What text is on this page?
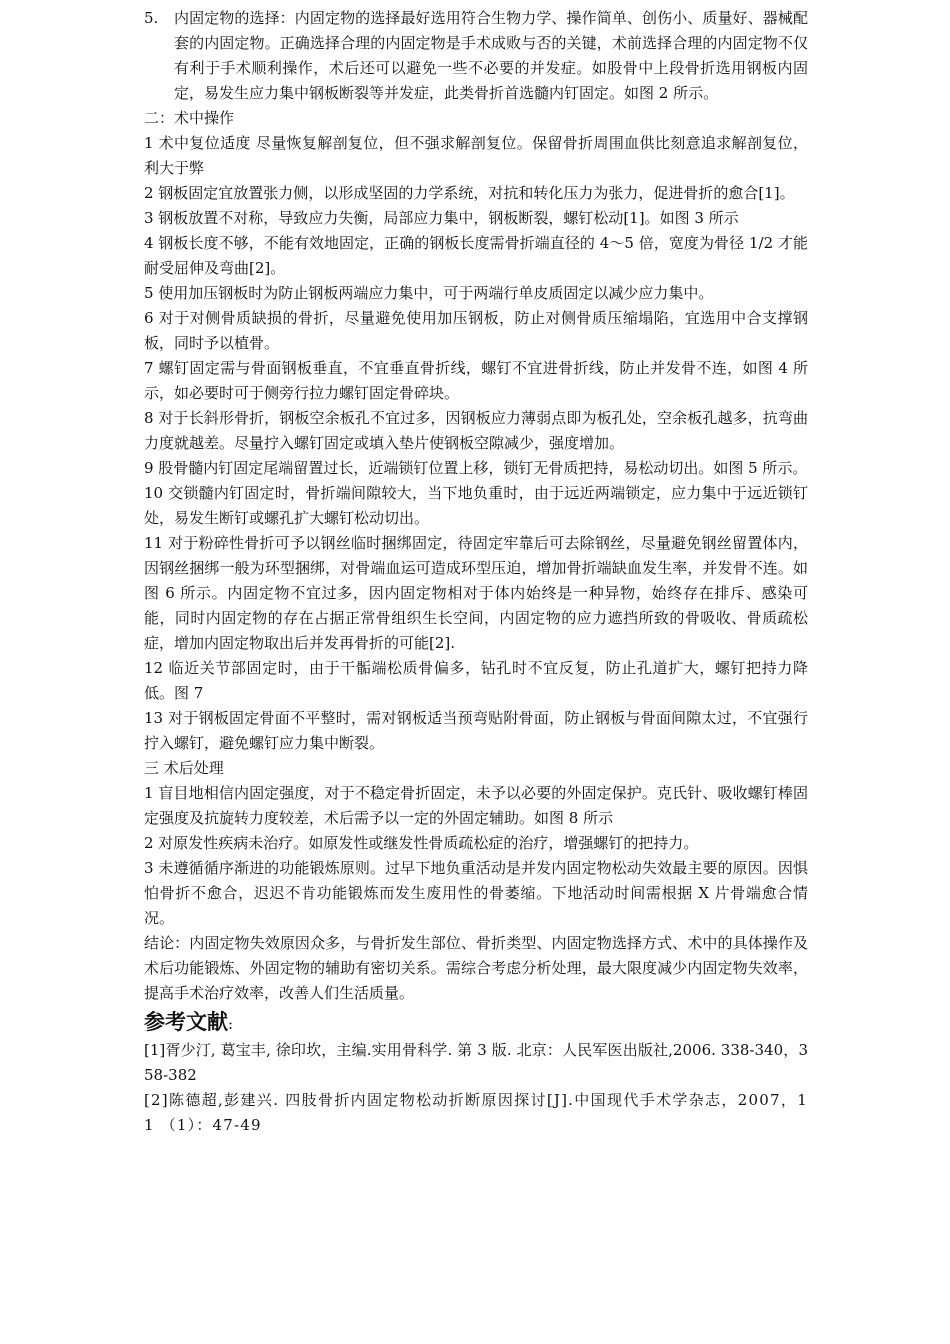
5. 内固定物的选择：内固定物的选择最好选用符合生物力学、操作简单、创伤小、质量好、器械配套的内固定物。正确选择合理的内固定物是手术成败与否的关键，术前选择合理的内固定物不仅有利于手术顺利操作，术后还可以避免一些不必要的并发症。如股骨中上段骨折选用钢板内固定，易发生应力集中钢板断裂等并发症，此类骨折首选髓内钉固定。如图 2 所示。

二：术中操作

1 术中复位适度 尽量恢复解剖复位，但不强求解剖复位。保留骨折周围血供比刻意追求解剖复位，利大于弊

2 钢板固定宜放置张力侧，以形成坚固的力学系统，对抗和转化压力为张力，促进骨折的愈合[1]。

3 钢板放置不对称，导致应力失衡，局部应力集中，钢板断裂，螺钉松动[1]。如图 3 所示

4 钢板长度不够，不能有效地固定，正确的钢板长度需骨折端直径的 4～5 倍，宽度为骨径 1/2 才能耐受屈伸及弯曲[2]。

5 使用加压钢板时为防止钢板两端应力集中，可于两端行单皮质固定以减少应力集中。

6 对于对侧骨质缺损的骨折，尽量避免使用加压钢板，防止对侧骨质压缩塌陷，宜选用中合支撑钢板，同时予以植骨。

7 螺钉固定需与骨面钢板垂直，不宜垂直骨折线，螺钉不宜进骨折线，防止并发骨不连，如图 4 所示，如必要时可于侧旁行拉力螺钉固定骨碎块。

8 对于长斜形骨折，钢板空余板孔不宜过多，因钢板应力薄弱点即为板孔处，空余板孔越多，抗弯曲力度就越差。尽量拧入螺钉固定或填入垫片使钢板空隙减少，强度增加。

9 股骨髓内钉固定尾端留置过长，近端锁钉位置上移，锁钉无骨质把持，易松动切出。如图 5 所示。

10 交锁髓内钉固定时，骨折端间隙较大，当下地负重时，由于远近两端锁定，应力集中于远近锁钉处，易发生断钉或螺孔扩大螺钉松动切出。

11 对于粉碎性骨折可予以钢丝临时捆绑固定，待固定牢靠后可去除钢丝，尽量避免钢丝留置体内，因钢丝捆绑一般为环型捆绑，对骨端血运可造成环型压迫，增加骨折端缺血发生率，并发骨不连。如图 6 所示。内固定物不宜过多，因内固定物相对于体内始终是一种异物，始终存在排斥、感染可能，同时内固定物的存在占据正常骨组织生长空间，内固定物的应力遮挡所致的骨吸收、骨质疏松症，增加内固定物取出后并发再骨折的可能[2].

12 临近关节部固定时，由于干骺端松质骨偏多，钻孔时不宜反复，防止孔道扩大，螺钉把持力降低。图 7

13 对于钢板固定骨面不平整时，需对钢板适当预弯贴附骨面，防止钢板与骨面间隙太过，不宜强行拧入螺钉，避免螺钉应力集中断裂。

三 术后处理

1 盲目地相信内固定强度，对于不稳定骨折固定，未予以必要的外固定保护。克氏针、吸收螺钉棒固定强度及抗旋转力度较差，术后需予以一定的外固定辅助。如图 8 所示

2 对原发性疾病未治疗。如原发性或继发性骨质疏松症的治疗，增强螺钉的把持力。

3 未遵循循序渐进的功能锻炼原则。过早下地负重活动是并发内固定物松动失效最主要的原因。因惧怕骨折不愈合，迟迟不肯功能锻炼而发生废用性的骨萎缩。下地活动时间需根据 X 片骨端愈合情况。

结论：内固定物失效原因众多，与骨折发生部位、骨折类型、内固定物选择方式、术中的具体操作及术后功能锻炼、外固定物的辅助有密切关系。需综合考虑分析处理，最大限度减少内固定物失效率，提高手术治疗效率，改善人们生活质量。

参考文献:

[1]胥少汀, 葛宝丰, 徐印坎，主编.实用骨科学. 第 3 版. 北京：人民军医出版社,2006. 338-340，358-382

[2]陈德超,彭建兴. 四肢骨折内固定物松动折断原因探讨[J].中国现代手术学杂志，2007，11 （1）：47-49
